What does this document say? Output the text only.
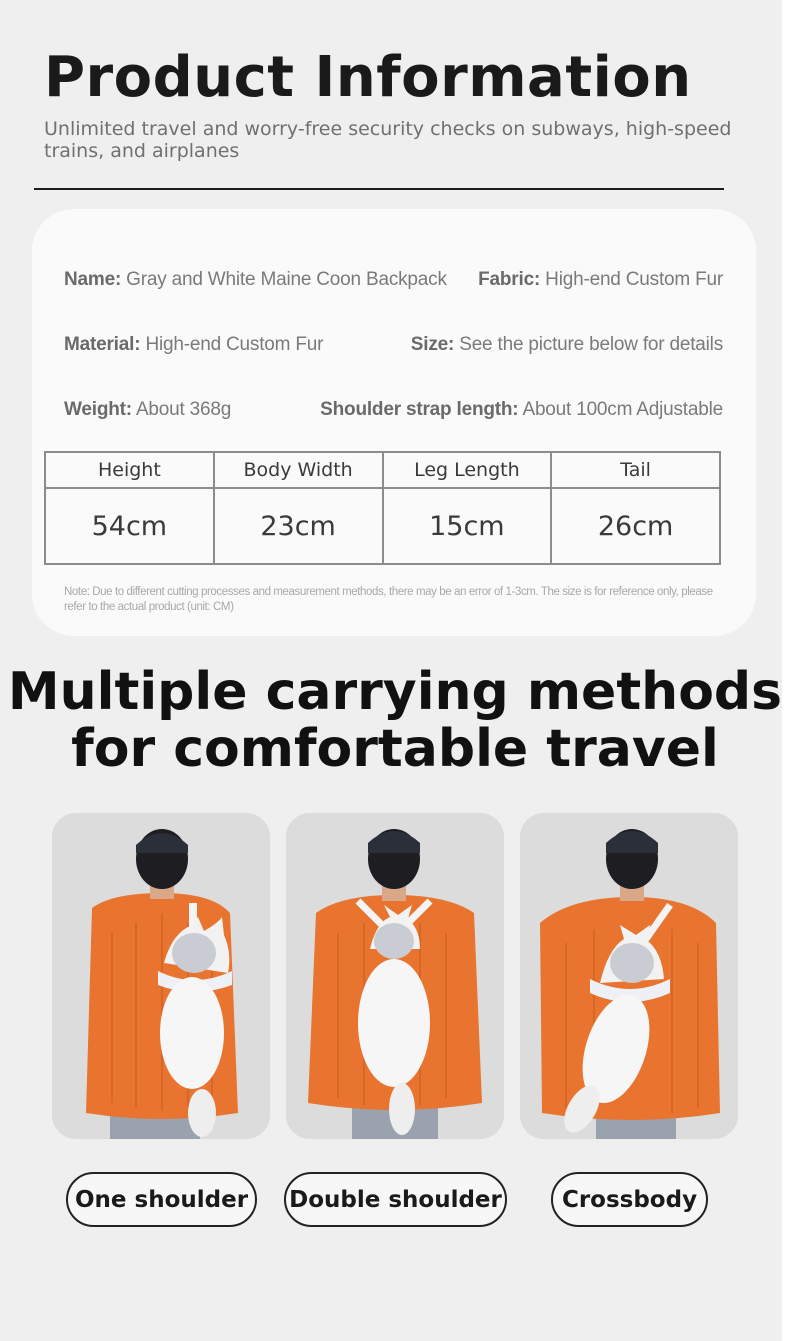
Product Information

Unlimited travel and worry-free security checks on subways, high-speed trains, and airplanes

Name: Gray and White Maine Coon Backpack Fabric: High-end Custom Fur
Material: High-end Custom Fur	Size: See the picture below for details
Weight: About 368g	Shoulder strap length: About 100cm Adjustable
Height	Body Width	Leg Length	Tail
54cm	23cm	15cm	26cm

Note: Due to different cutting processes and measurement methods, there may be an error of 1-3cm. The size is for reference only, please refer to the actual product (unit: CM)

Multiple carrying methods
for comfortable travel
One shoulder	Double shoulder	Crossbody
